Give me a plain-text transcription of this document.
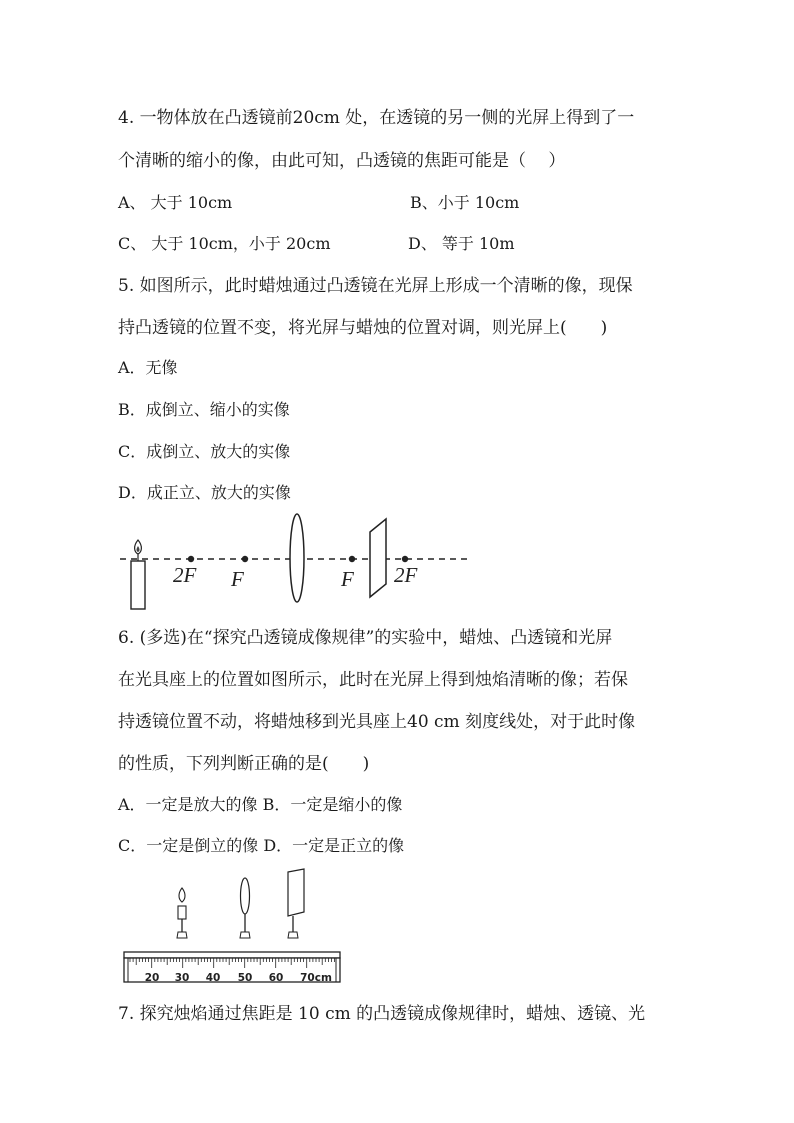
4. 一物体放在凸透镜前20cm 处，在透镜的另一侧的光屏上得到了一
个清晰的缩小的像，由此可知，凸透镜的焦距可能是（　 ）
A、 大于 10cm	B、小于 10cm
C、 大于 10cm，小于 20cm	D、 等于 10m
5. 如图所示，此时蜡烛通过凸透镜在光屏上形成一个清晰的像，现保
持凸透镜的位置不变，将光屏与蜡烛的位置对调，则光屏上(　　)
A．无像
B．成倒立、缩小的实像
C．成倒立、放大的实像
D．成正立、放大的实像
2F F	F 2F
6. (多选)在“探究凸透镜成像规律”的实验中，蜡烛、凸透镜和光屏
在光具座上的位置如图所示，此时在光屏上得到烛焰清晰的像；若保
持透镜位置不动，将蜡烛移到光具座上40 cm 刻度线处，对于此时像
的性质，下列判断正确的是(　　)
A．一定是放大的像 B．一定是缩小的像
C．一定是倒立的像 D．一定是正立的像
20 30 40 50 60 70cm
7. 探究烛焰通过焦距是 10 cm 的凸透镜成像规律时，蜡烛、透镜、光
